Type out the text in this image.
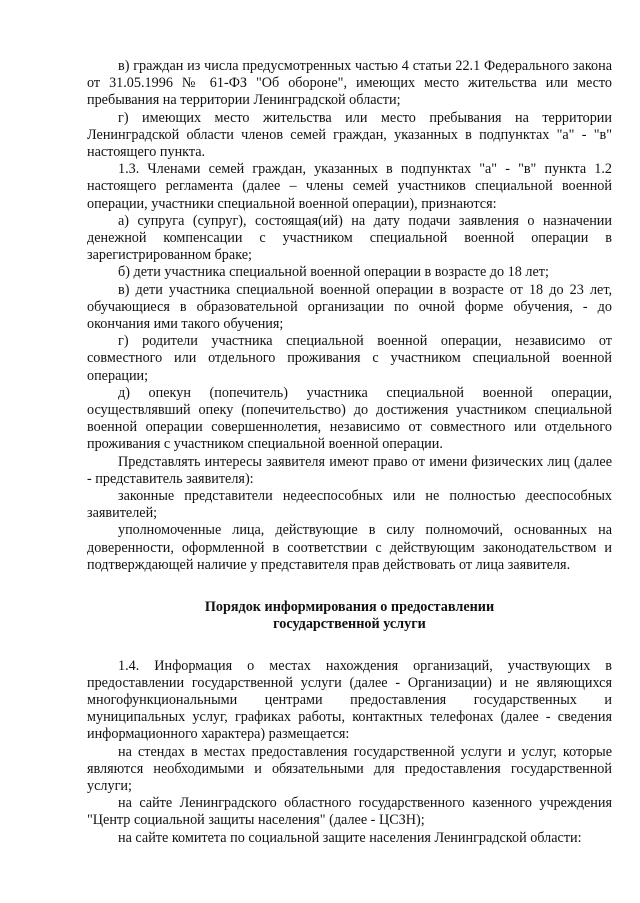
в) граждан из числа предусмотренных частью 4 статьи 22.1 Федерального закона от 31.05.1996 № 61-ФЗ "Об обороне", имеющих место жительства или место пребывания на территории Ленинградской области;

г) имеющих место жительства или место пребывания на территории Ленинградской области членов семей граждан, указанных в подпунктах "а" - "в" настоящего пункта.

1.3. Членами семей граждан, указанных в подпунктах "а" - "в" пункта 1.2 настоящего регламента (далее – члены семей участников специальной военной операции, участники специальной военной операции), признаются:

а) супруга (супруг), состоящая(ий) на дату подачи заявления о назначении денежной компенсации с участником специальной военной операции в зарегистрированном браке;

б) дети участника специальной военной операции в возрасте до 18 лет;

в) дети участника специальной военной операции в возрасте от 18 до 23 лет, обучающиеся в образовательной организации по очной форме обучения, - до окончания ими такого обучения;

г) родители участника специальной военной операции, независимо от совместного или отдельного проживания с участником специальной военной операции;

д) опекун (попечитель) участника специальной военной операции, осуществлявший опеку (попечительство) до достижения участником специальной военной операции совершеннолетия, независимо от совместного или отдельного проживания с участником специальной военной операции.

Представлять интересы заявителя имеют право от имени физических лиц (далее - представитель заявителя):

законные представители недееспособных или не полностью дееспособных заявителей;

уполномоченные лица, действующие в силу полномочий, основанных на доверенности, оформленной в соответствии с действующим законодательством и подтверждающей наличие у представителя прав действовать от лица заявителя.

Порядок информирования о предоставлении
государственной услуги

1.4. Информация о местах нахождения организаций, участвующих в предоставлении государственной услуги (далее - Организации) и не являющихся многофункциональными центрами предоставления государственных и муниципальных услуг, графиках работы, контактных телефонах (далее - сведения информационного характера) размещается:

на стендах в местах предоставления государственной услуги и услуг, которые являются необходимыми и обязательными для предоставления государственной услуги;

на сайте Ленинградского областного государственного казенного учреждения "Центр социальной защиты населения" (далее - ЦСЗН);

на сайте комитета по социальной защите населения Ленинградской области:
